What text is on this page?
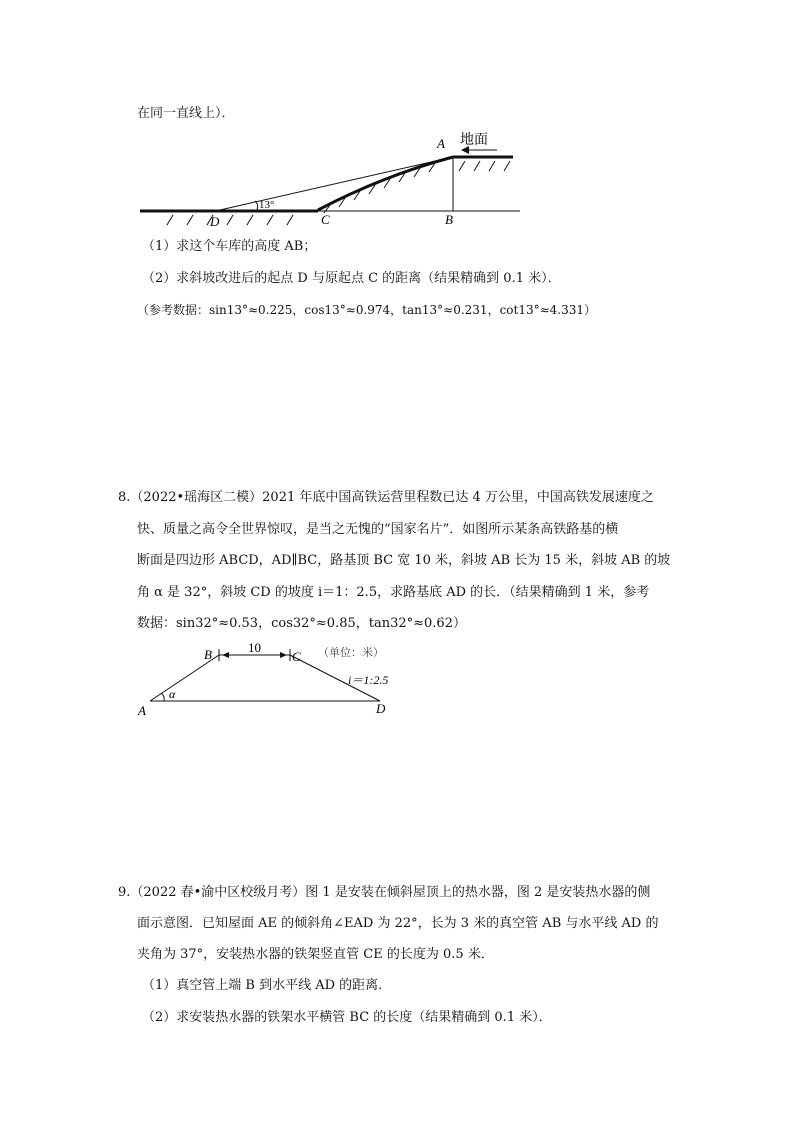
在同一直线上）．
A 地面
13°
D	C	B
（1）求这个车库的高度 AB；
（2）求斜坡改进后的起点 D 与原起点 C 的距离（结果精确到 0.1 米）．
（参考数据：sin13°≈0.225，cos13°≈0.974，tan13°≈0.231，cot13°≈4.331）
8.（2022•瑶海区二模）2021 年底中国高铁运营里程数已达 4 万公里，中国高铁发展速度之
快、质量之高令全世界惊叹，是当之无愧的“国家名片”．如图所示某条高铁路基的横
断面是四边形 ABCD，AD∥BC，路基顶 BC 宽 10 米，斜坡 AB 长为 15 米，斜坡 AB 的坡
角 α 是 32°，斜坡 CD 的坡度 i＝1：2.5，求路基底 AD 的长．（结果精确到 1 米，参考
数据：sin32°≈0.53，cos32°≈0.85，tan32°≈0.62）
B	C
10	（单位：米）
i＝1:2.5
α
A	D
9.（2022 春•渝中区校级月考）图 1 是安装在倾斜屋顶上的热水器，图 2 是安装热水器的侧
面示意图．已知屋面 AE 的倾斜角∠EAD 为 22°，长为 3 米的真空管 AB 与水平线 AD 的
夹角为 37°，安装热水器的铁架竖直管 CE 的长度为 0.5 米．
（1）真空管上端 B 到水平线 AD 的距离．
（2）求安装热水器的铁架水平横管 BC 的长度（结果精确到 0.1 米）．
